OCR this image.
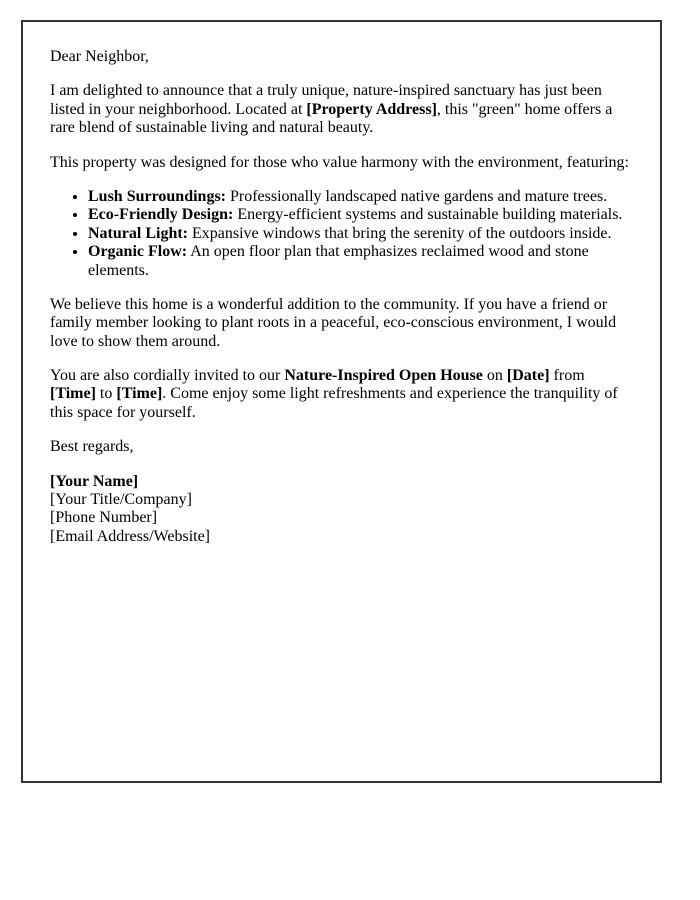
Dear Neighbor,

I am delighted to announce that a truly unique, nature-inspired sanctuary has just been listed in your neighborhood. Located at [Property Address], this "green" home offers a rare blend of sustainable living and natural beauty.

This property was designed for those who value harmony with the environment, featuring:

• Lush Surroundings: Professionally landscaped native gardens and mature trees.
• Eco-Friendly Design: Energy-efficient systems and sustainable building materials.
• Natural Light: Expansive windows that bring the serenity of the outdoors inside.
• Organic Flow: An open floor plan that emphasizes reclaimed wood and stone elements.

We believe this home is a wonderful addition to the community. If you have a friend or family member looking to plant roots in a peaceful, eco-conscious environment, I would love to show them around.

You are also cordially invited to our Nature-Inspired Open House on [Date] from [Time] to [Time]. Come enjoy some light refreshments and experience the tranquility of this space for yourself.

Best regards,

[Your Name]
[Your Title/Company]
[Phone Number]
[Email Address/Website]
